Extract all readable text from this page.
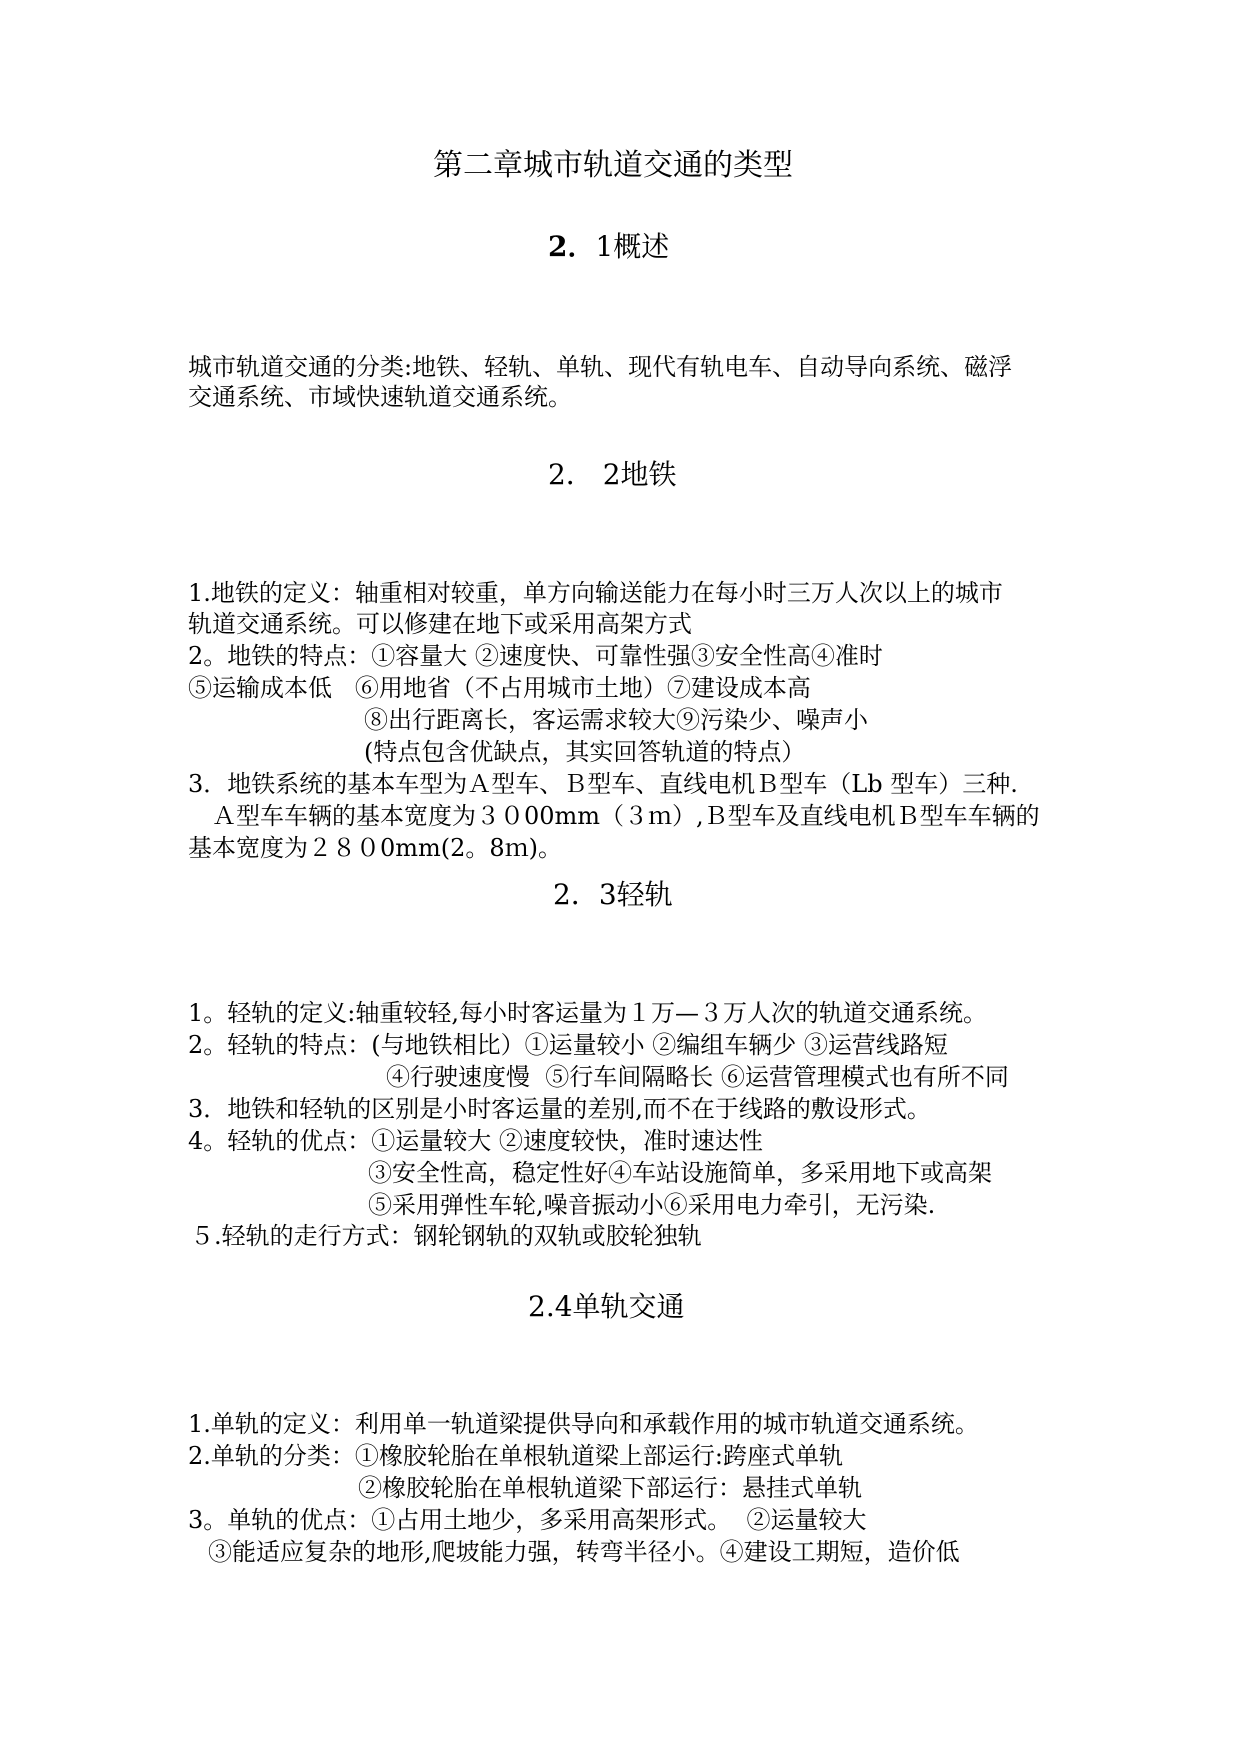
第二章城市轨道交通的类型
2．1概述
城市轨道交通的分类:地铁、轻轨、单轨、现代有轨电车、自动导向系统、磁浮
交通系统、市域快速轨道交通系统。
2． 2地铁
1.地铁的定义：轴重相对较重，单方向输送能力在每小时三万人次以上的城市
轨道交通系统。可以修建在地下或采用高架方式
2。地铁的特点：①容量大 ②速度快、可靠性强③安全性高④准时
⑤运输成本低   ⑥用地省（不占用城市土地）⑦建设成本高
⑧出行距离长，客运需求较大⑨污染少、噪声小
(特点包含优缺点，其实回答轨道的特点）
3．地铁系统的基本车型为Ａ型车、Ｂ型车、直线电机Ｂ型车（Lb 型车）三种.
Ａ型车车辆的基本宽度为３０00mm（３ｍ）,Ｂ型车及直线电机Ｂ型车车辆的
基本宽度为２８０0mm(2。8ｍ)。
2．3轻轨
1。轻轨的定义:轴重较轻,每小时客运量为１万—３万人次的轨道交通系统。
2。轻轨的特点：(与地铁相比）①运量较小 ②编组车辆少 ③运营线路短
④行驶速度慢  ⑤行车间隔略长 ⑥运营管理模式也有所不同
3．地铁和轻轨的区别是小时客运量的差别,而不在于线路的敷设形式。
4。轻轨的优点：①运量较大 ②速度较快，准时速达性
③安全性高，稳定性好④车站设施简单，多采用地下或高架
⑤采用弹性车轮,噪音振动小⑥采用电力牵引，无污染.
５.轻轨的走行方式：钢轮钢轨的双轨或胶轮独轨
2.4单轨交通
1.单轨的定义：利用单一轨道梁提供导向和承载作用的城市轨道交通系统。
2.单轨的分类：①橡胶轮胎在单根轨道梁上部运行:跨座式单轨
②橡胶轮胎在单根轨道梁下部运行：悬挂式单轨
3。单轨的优点：①占用土地少，多采用高架形式。  ②运量较大
③能适应复杂的地形,爬坡能力强，转弯半径小。④建设工期短，造价低
